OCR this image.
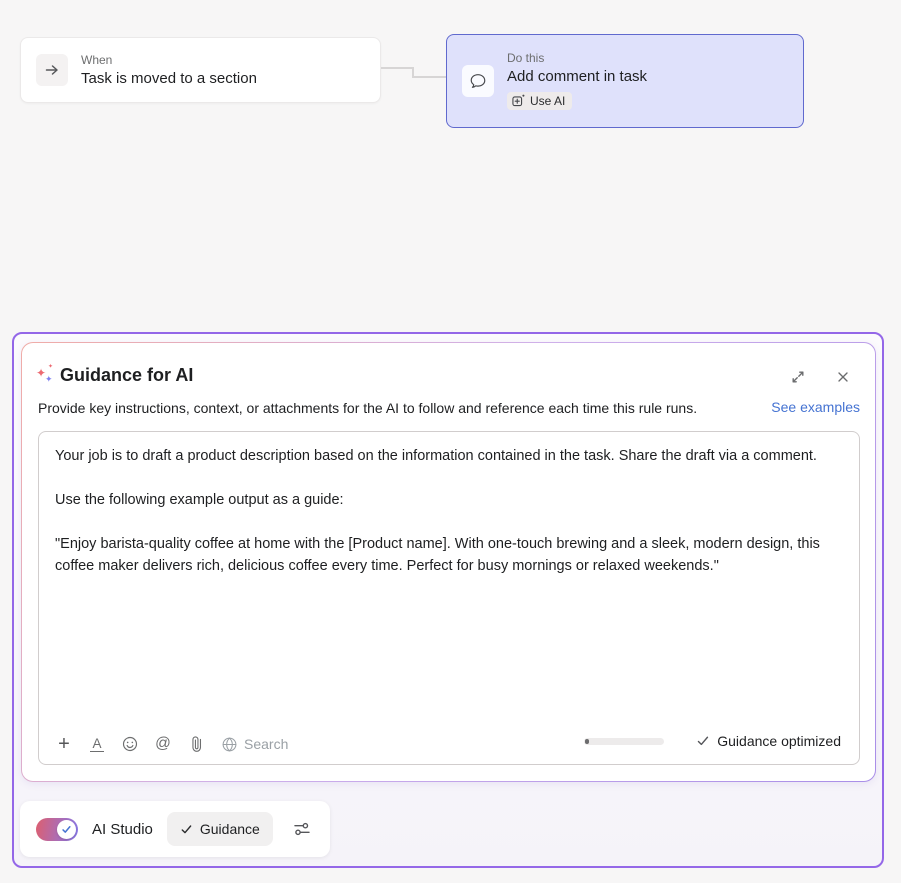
When
Task is moved to a section
Do this
Add comment in task
Use AI
✦ ✦
✦ Guidance for AI
Provide key instructions, context, or attachments for the AI to follow and reference each time this rule runs.	See examples

Your job is to draft a product description based on the information contained in the task. Share the draft via a comment.

Use the following example output as a guide:

"Enjoy barista-quality coffee at home with the [Product name]. With one-touch brewing and a sleek, modern design, this coffee maker delivers rich, delicious coffee every time. Perfect for busy mornings or relaxed weekends."

+ A	@	Search	Guidance optimized
AI Studio	Guidance
